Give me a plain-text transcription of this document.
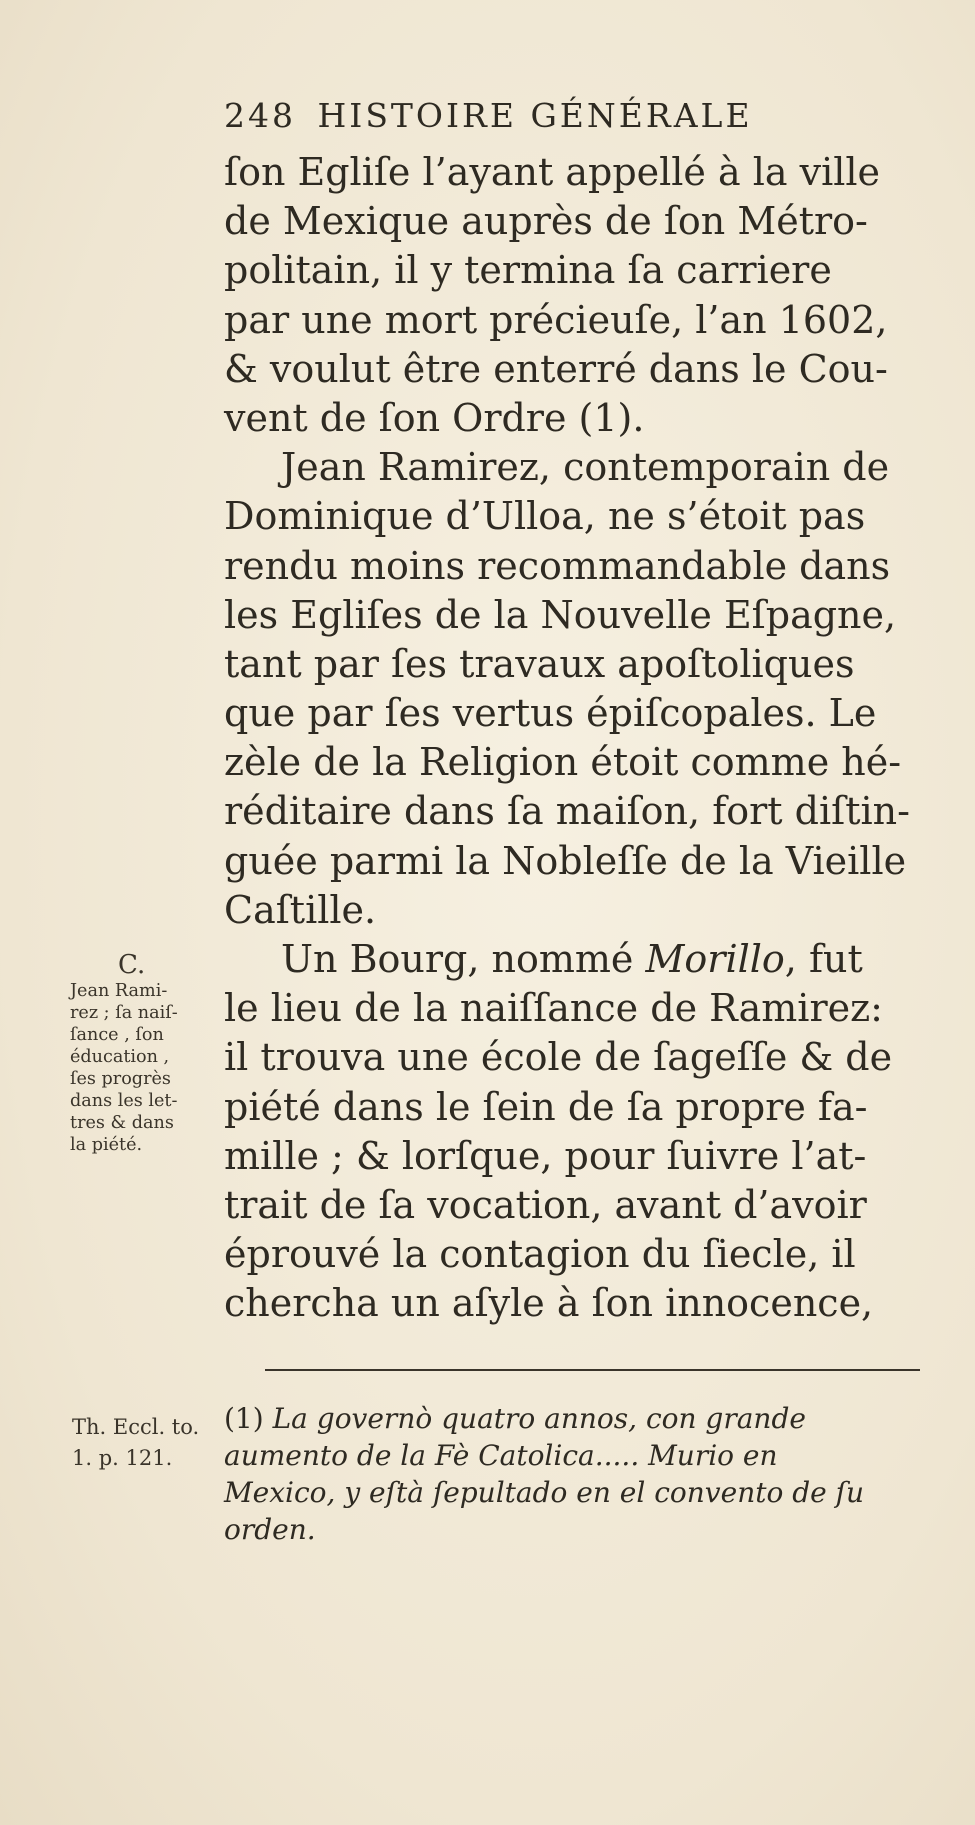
248 HISTOIRE GÉNÉRALE
ſon Egliſe l’ayant appellé à la ville
de Mexique auprès de ſon Métro-
politain, il y termina ſa carriere
par une mort précieuſe, l’an 1602,
& voulut être enterré dans le Cou-
vent de ſon Ordre (1).
Jean Ramirez, contemporain de
Dominique d’Ulloa, ne s’étoit pas
rendu moins recommandable dans
les Egliſes de la Nouvelle Eſpagne,
tant par ſes travaux apoſtoliques
que par ſes vertus épiſcopales. Le
zèle de la Religion étoit comme hé-
réditaire dans ſa maiſon, fort diſtin-
guée parmi la Nobleſſe de la Vieille
Caſtille.
Un Bourg, nommé Morillo, fut
le lieu de la naiſſance de Ramirez:
il trouva une école de ſageſſe & de
piété dans le ſein de ſa propre fa-
mille ; & lorſque, pour ſuivre l’at-
trait de ſa vocation, avant d’avoir
éprouvé la contagion du ſiecle, il
chercha un aſyle à ſon innocence,
C.
Jean Rami-
rez ; ſa naiſ-
ſance , ſon
éducation ,
ſes progrès
dans les let-
tres & dans
la piété.
Th. Eccl. to.
1. p. 121.
(1) La governò quatro annos, con grande
aumento de la Fè Catolica..... Murio en
Mexico, y eſtà ſepultado en el convento de ſu
orden.
